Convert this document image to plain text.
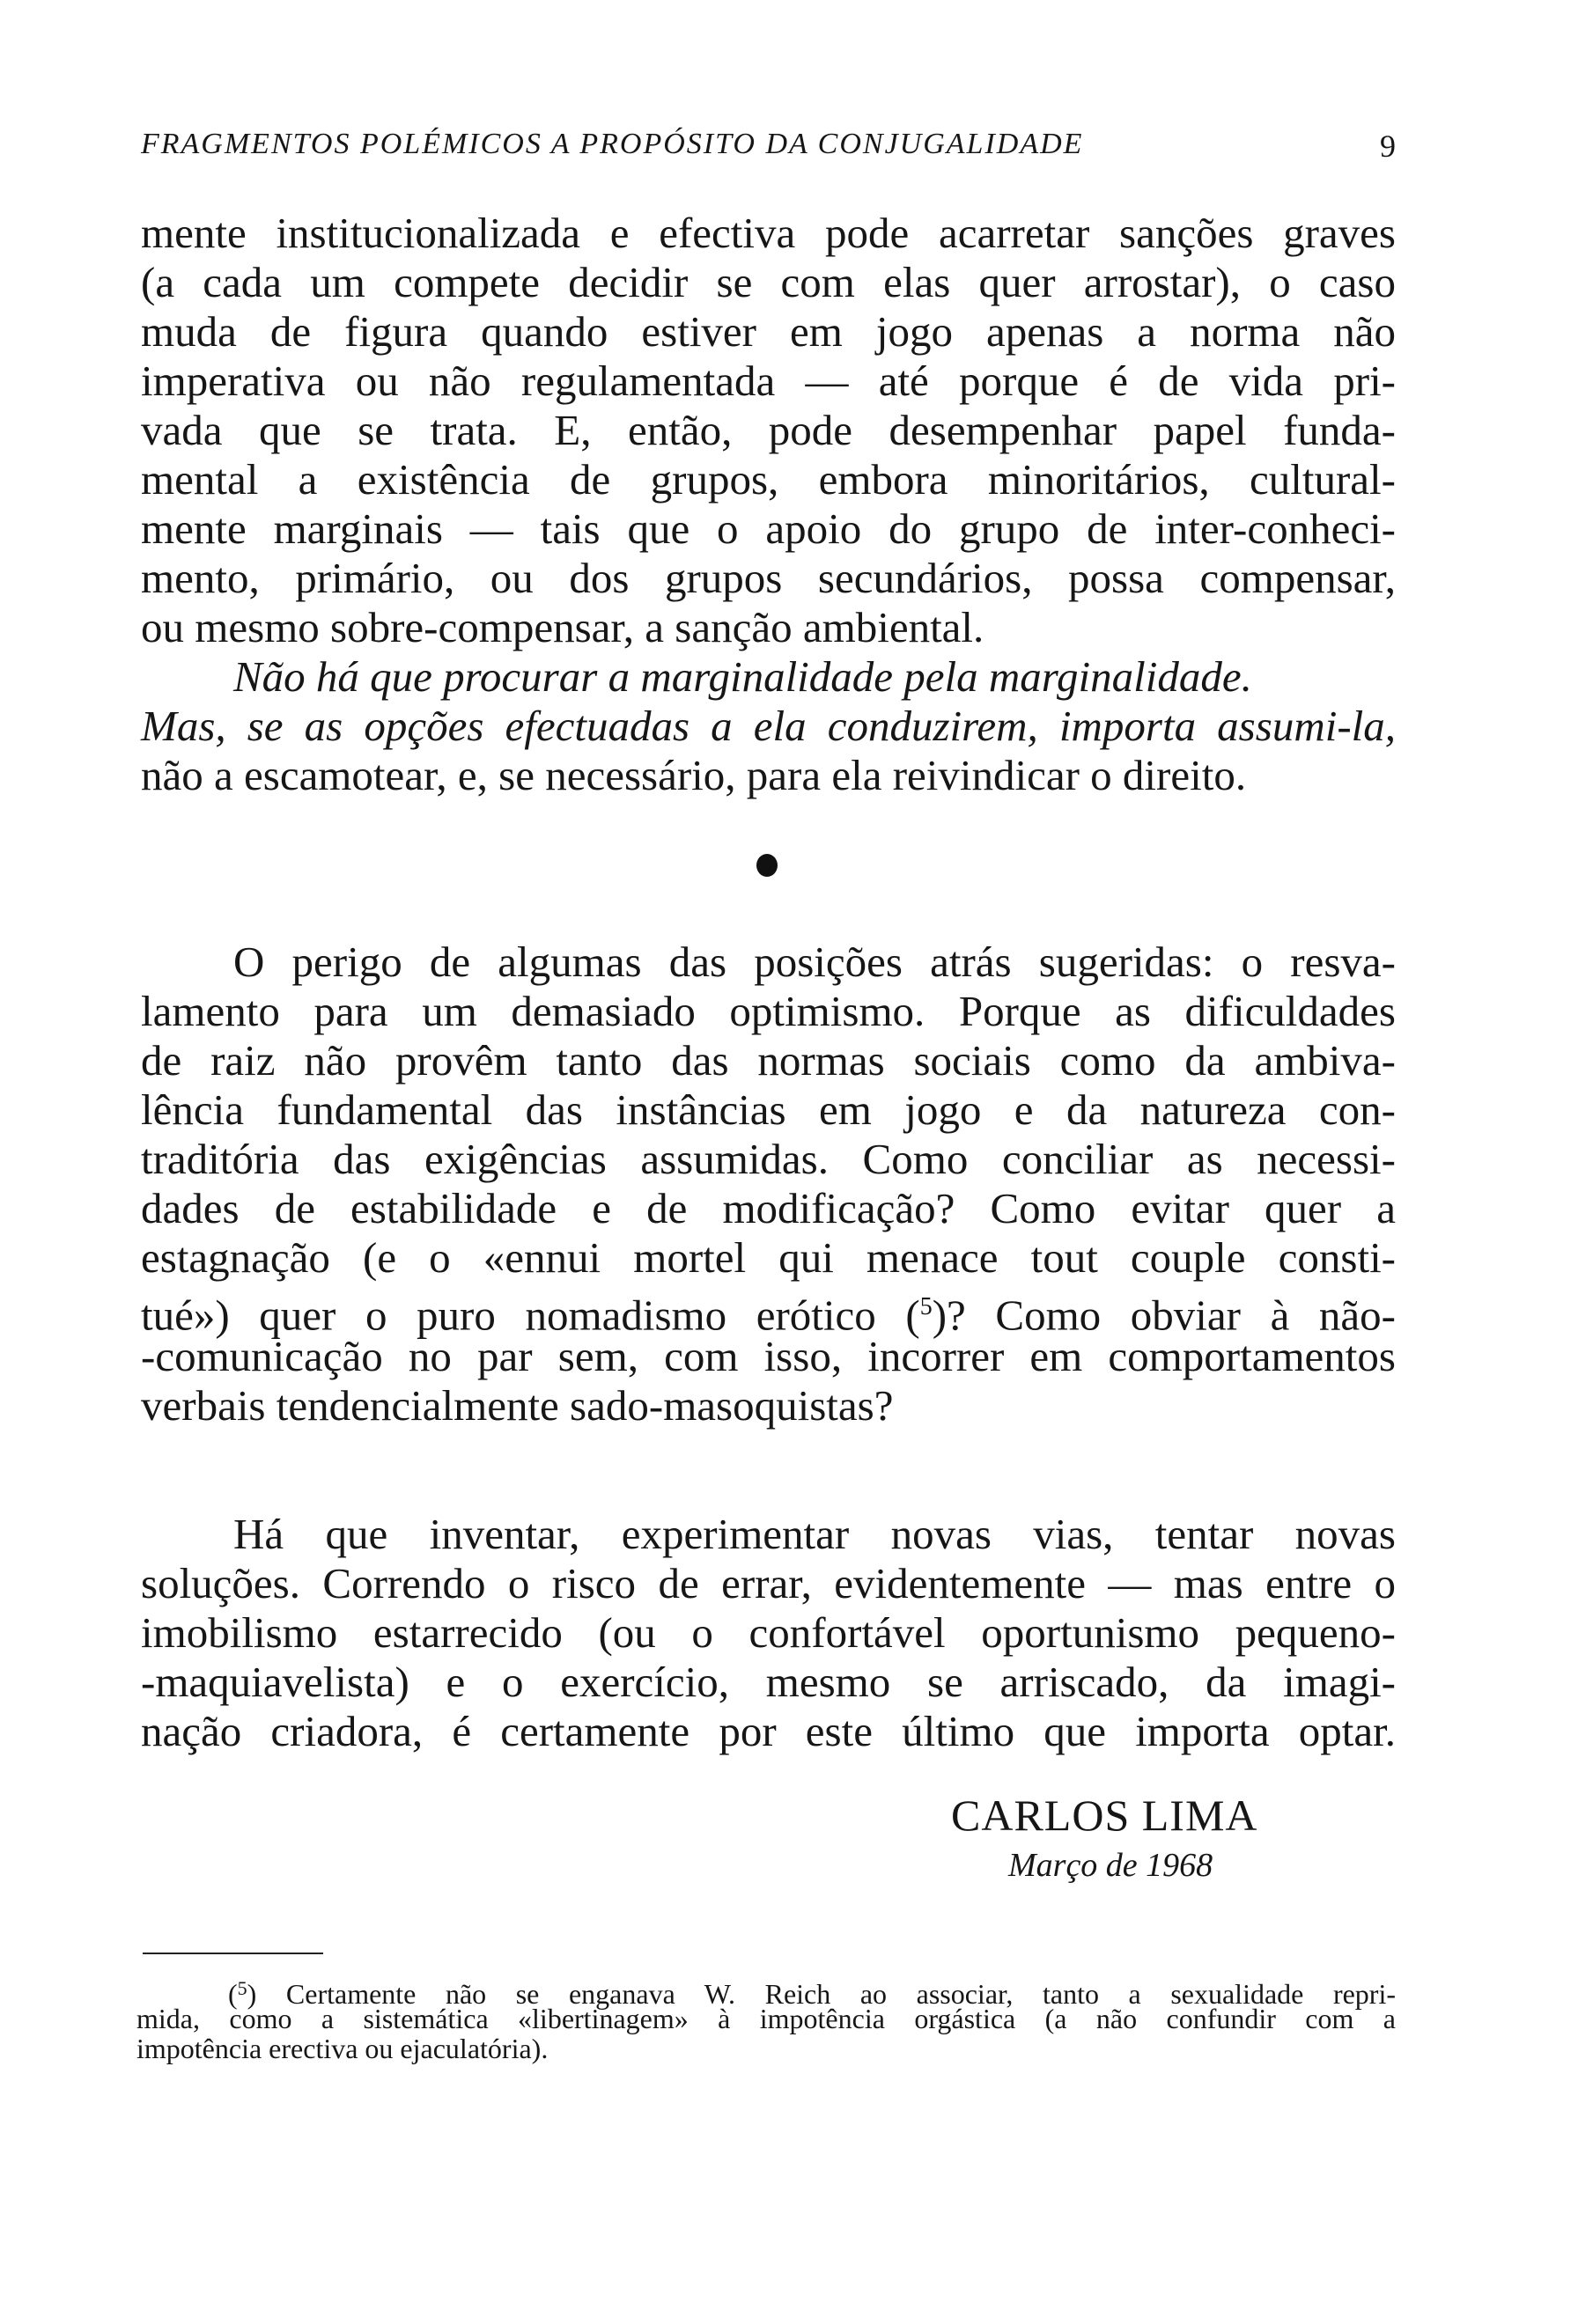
FRAGMENTOS POLÉMICOS A PROPÓSITO DA CONJUGALIDADE	9
mente institucionalizada e efectiva pode acarretar sanções graves
(a cada um compete decidir se com elas quer arrostar), o caso
muda de figura quando estiver em jogo apenas a norma não
imperativa ou não regulamentada — até porque é de vida pri-
vada que se trata. E, então, pode desempenhar papel funda-
mental a existência de grupos, embora minoritários, cultural-
mente marginais — tais que o apoio do grupo de inter-conheci-
mento, primário, ou dos grupos secundários, possa compensar,
ou mesmo sobre-compensar, a sanção ambiental.
Não há que procurar a marginalidade pela marginalidade.
Mas, se as opções efectuadas a ela conduzirem, importa assumi-la,
não a escamotear, e, se necessário, para ela reivindicar o direito.
O perigo de algumas das posições atrás sugeridas: o resva-
lamento para um demasiado optimismo. Porque as dificuldades
de raiz não provêm tanto das normas sociais como da ambiva-
lência fundamental das instâncias em jogo e da natureza con-
traditória das exigências assumidas. Como conciliar as necessi-
dades de estabilidade e de modificação? Como evitar quer a
estagnação (e o «ennui mortel qui menace tout couple consti-
tué») quer o puro nomadismo erótico ($^5$)? Como obviar à não-
-comunicação no par sem, com isso, incorrer em comportamentos
verbais tendencialmente sado-masoquistas?
Há que inventar, experimentar novas vias, tentar novas
soluções. Correndo o risco de errar, evidentemente — mas entre o
imobilismo estarrecido (ou o confortável oportunismo pequeno-
-maquiavelista) e o exercício, mesmo se arriscado, da imagi-
nação criadora, é certamente por este último que importa optar.
CARLOS LIMA
Março de 1968
($^5$) Certamente não se enganava W. Reich ao associar, tanto a sexualidade repri-
mida, como a sistemática «libertinagem» à impotência orgástica (a não confundir com a
impotência erectiva ou ejaculatória).
